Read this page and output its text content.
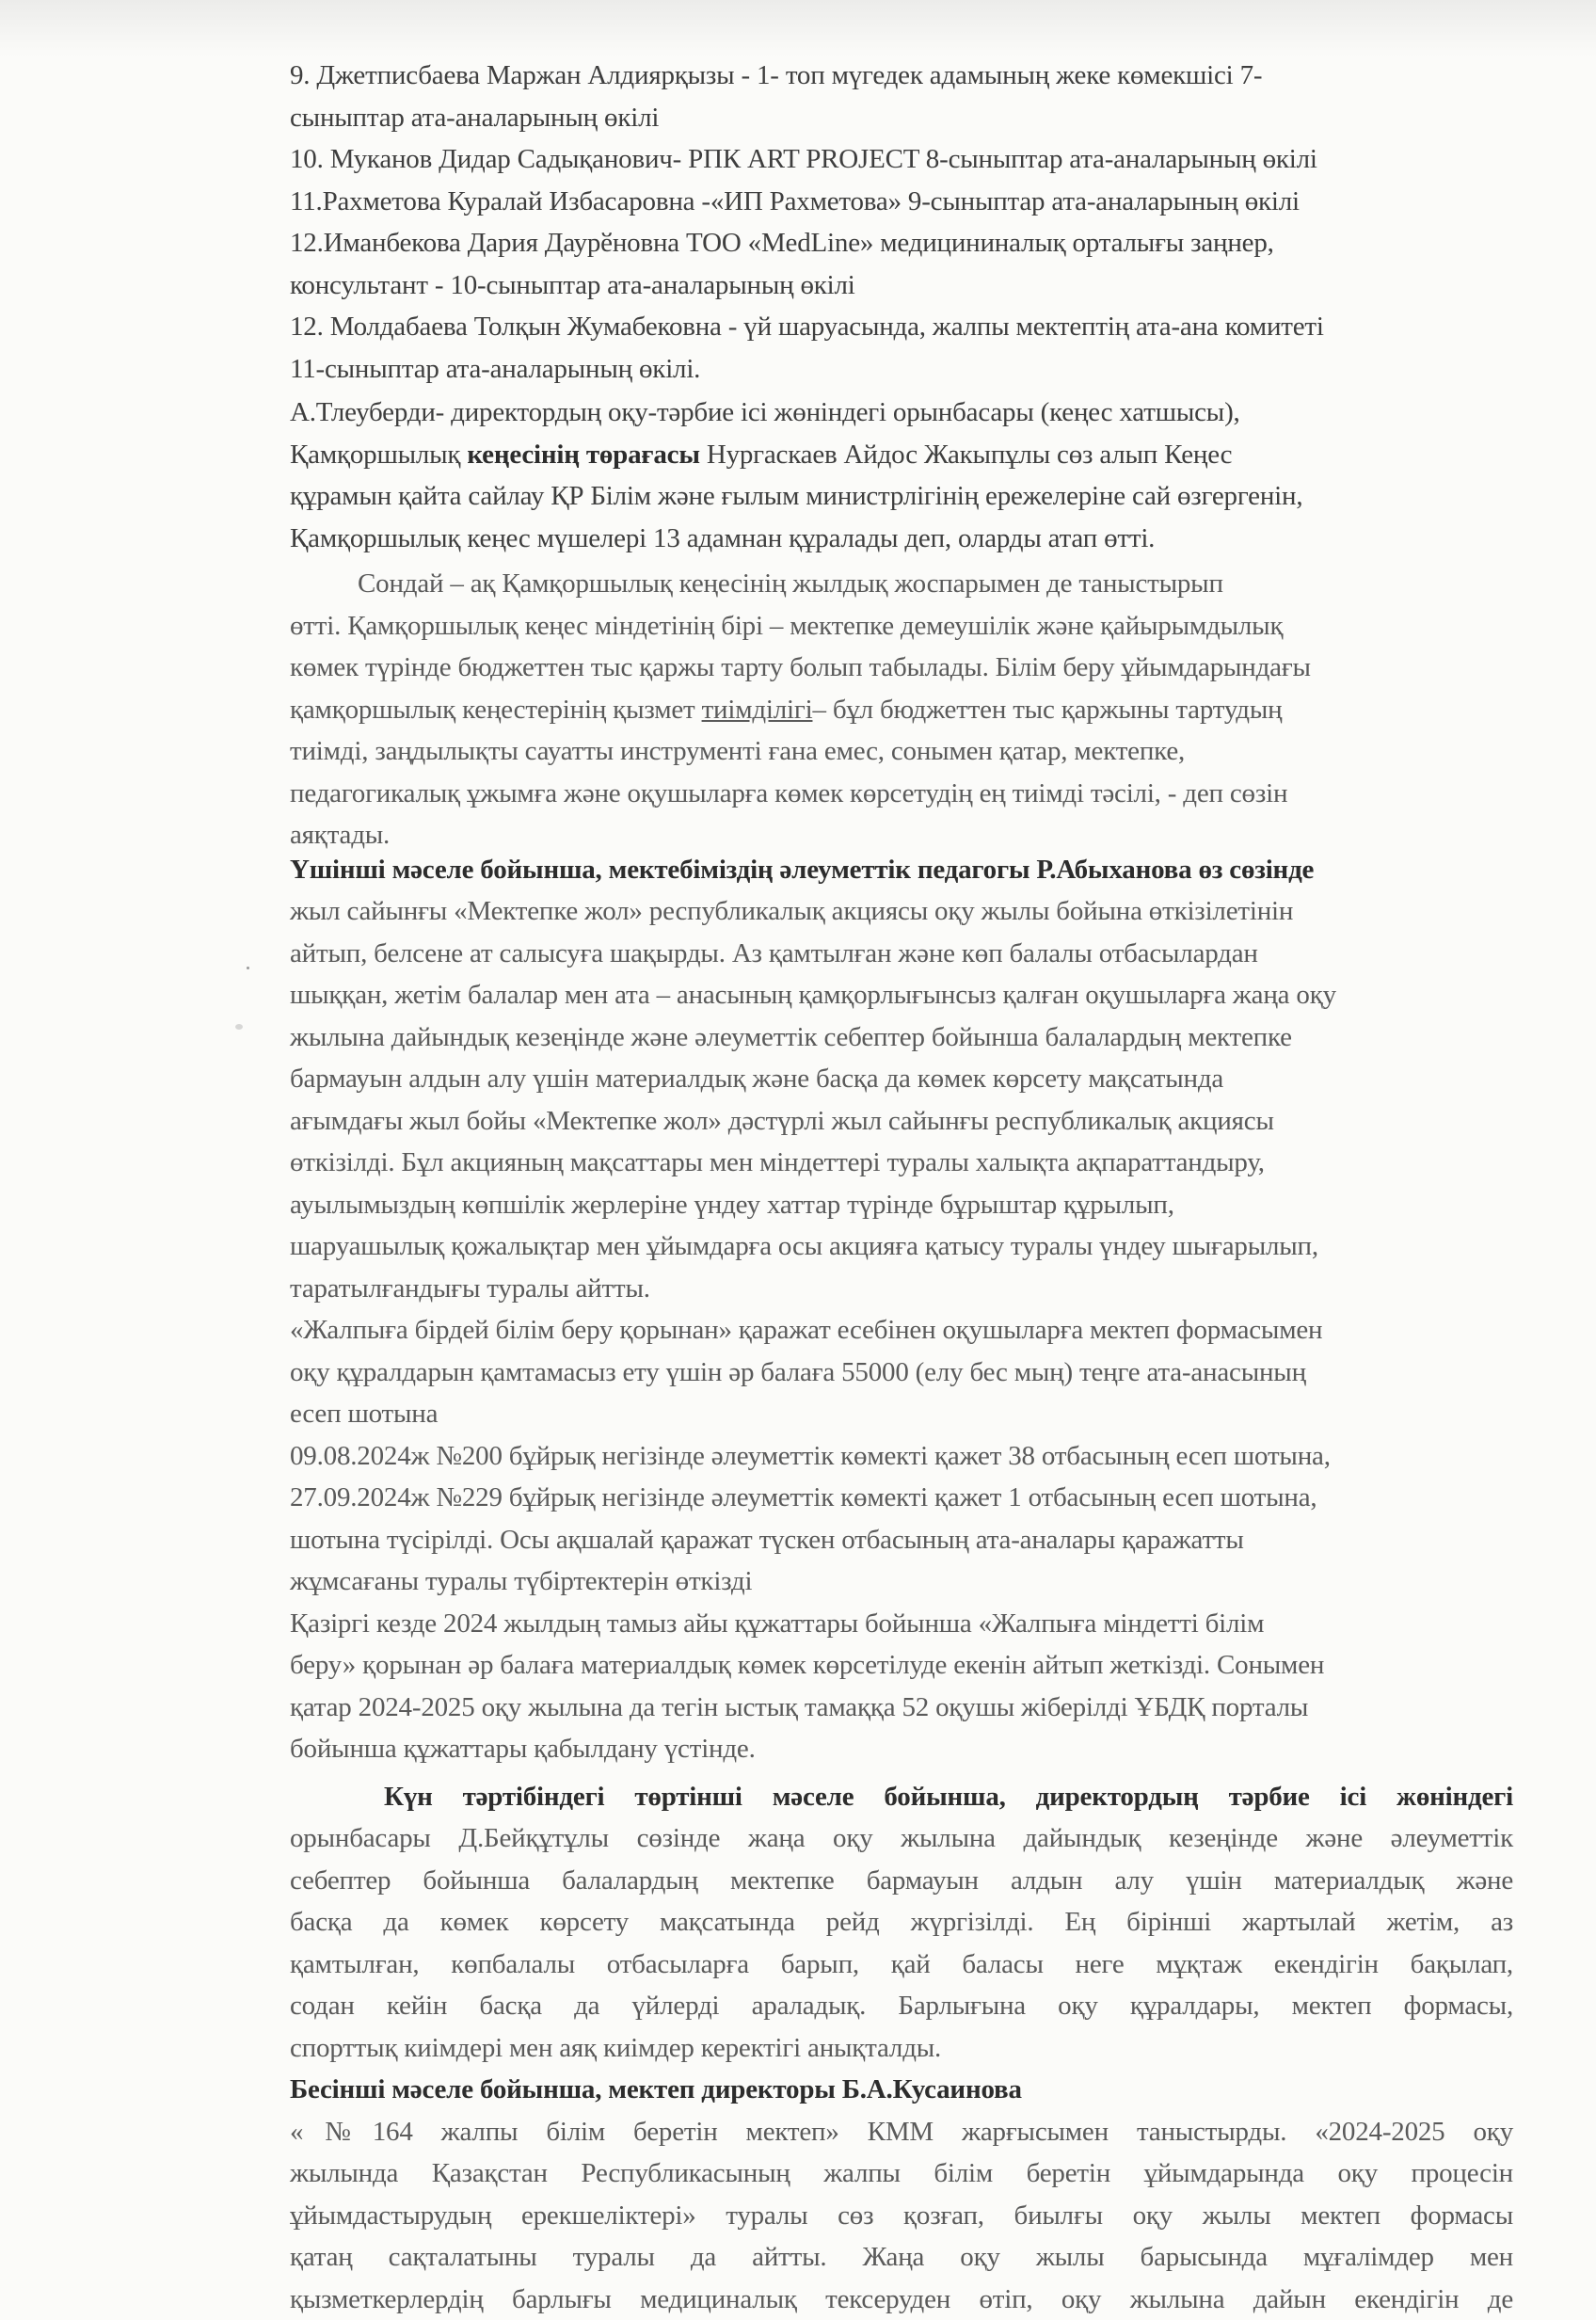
9. Джетписбаева Маржан Алдиярқызы - 1- топ мүгедек адамының жеке көмекшісі 7-
сыныптар ата-аналарының өкілі
10. Муканов Дидар Садықанович- РПК ART PROJECT 8-сыныптар ата-аналарының өкілі
11.Рахметова Куралай Избасаровна -«ИП Рахметова» 9-сыныптар ата-аналарының өкілі
12.Иманбекова Дария Даурӗновна ТОО «MedLine» медицининалық орталығы заңнер,
консультант - 10-сыныптар ата-аналарының өкілі
12. Молдабаева Толқын Жумабековна - үй шаруасында, жалпы мектептің ата-ана комитеті
11-сыныптар ата-аналарының өкілі.
А.Тлеуберди- директордың оқу-тәрбие ісі жөніндегі орынбасары (кеңес хатшысы),
Қамқоршылық кеңесінің төрағасы Нургаскаев Айдос Жакыпұлы сөз алып Кеңес
құрамын қайта сайлау ҚР Білім және ғылым министрлігінің ережелеріне сай өзгергенін,
Қамқоршылық кеңес мүшелері 13 адамнан құралады деп, оларды атап өтті.
Сондай – ақ Қамқоршылық кеңесінің жылдық жоспарымен де таныстырып
өтті. Қамқоршылық кеңес міндетінің бірі – мектепке демеушілік және қайырымдылық
көмек түрінде бюджеттен тыс қаржы тарту болып табылады. Білім беру ұйымдарындағы
қамқоршылық кеңестерінің қызмет тиімділігі– бұл бюджеттен тыс қаржыны тартудың
тиімді, заңдылықты сауатты инструменті ғана емес, сонымен қатар, мектепке,
педагогикалық ұжымға және оқушыларға көмек көрсетудің ең тиімді тәсілі, - деп сөзін
аяқтады.
Үшінші мәселе бойынша, мектебіміздің әлеуметтік педагогы Р.Абыханова өз сөзінде
жыл сайынғы «Мектепке жол» республикалық акциясы оқу жылы бойына өткізілетінін
айтып, белсене ат салысуға шақырды. Аз қамтылған және көп балалы отбасылардан
шыққан, жетім балалар мен ата – анасының қамқорлығынсыз қалған оқушыларға жаңа оқу
жылына дайындық кезеңінде және әлеуметтік себептер бойынша балалардың мектепке
бармауын алдын алу үшін материалдық және басқа да көмек көрсету мақсатында
ағымдағы жыл бойы «Мектепке жол» дәстүрлі жыл сайынғы республикалық акциясы
өткізілді. Бұл акцияның мақсаттары мен міндеттері туралы халықта ақпараттандыру,
ауылымыздың көпшілік жерлеріне үндеу хаттар түрінде бұрыштар құрылып,
шаруашылық қожалықтар мен ұйымдарға осы акцияға қатысу туралы үндеу шығарылып,
таратылғандығы туралы айтты.
«Жалпыға бірдей білім беру қорынан» қаражат есебінен оқушыларға мектеп формасымен
оқу құралдарын қамтамасыз ету үшін әр балаға 55000 (елу бес мың) теңге ата-анасының
есеп шотына
09.08.2024ж №200 бұйрық негізінде әлеуметтік көмекті қажет 38 отбасының есеп шотына,
27.09.2024ж №229 бұйрық негізінде әлеуметтік көмекті қажет 1 отбасының есеп шотына,
шотына түсірілді. Осы ақшалай қаражат түскен отбасының ата-аналары қаражатты
жұмсағаны туралы түбіртектерін өткізді
Қазіргі кезде 2024 жылдың тамыз айы құжаттары бойынша «Жалпыға міндетті білім
беру» қорынан әр балаға материалдық көмек көрсетілуде екенін айтып жеткізді. Сонымен
қатар 2024-2025 оқу жылына да тегін ыстық тамаққа 52 оқушы жіберілді ҰБДҚ порталы
бойынша құжаттары қабылдану үстінде.
Күн тәртібіндегі төртінші мәселе бойынша, директордың тәрбие ісі жөніндегі
орынбасары Д.Бейқұтұлы сөзінде жаңа оқу жылына дайындық кезеңінде және әлеуметтік
себептер бойынша балалардың мектепке бармауын алдын алу үшін материалдық және
басқа да көмек көрсету мақсатында рейд жүргізілді. Ең бірінші жартылай жетім, аз
қамтылған, көпбалалы отбасыларға барып, қай баласы неге мұқтаж екендігін бақылап,
содан кейін басқа да үйлерді араладық. Барлығына оқу құралдары, мектеп формасы,
спорттық киімдері мен аяқ киімдер керектігі анықталды.
Бесінші мәселе бойынша, мектеп директоры Б.А.Кусаинова
«№164 жалпы білім беретін мектеп» КММ жарғысымен таныстырды. «2024-2025 оқу
жылында Қазақстан Республикасының жалпы білім беретін ұйымдарында оқу процесін
ұйымдастырудың ерекшеліктері» туралы сөз қозғап, биылғы оқу жылы мектеп формасы
қатаң сақталатыны туралы да айтты. Жаңа оқу жылы барысында мұғалімдер мен
қызметкерлердің барлығы медициналық тексеруден өтіп, оқу жылына дайын екендігін де
